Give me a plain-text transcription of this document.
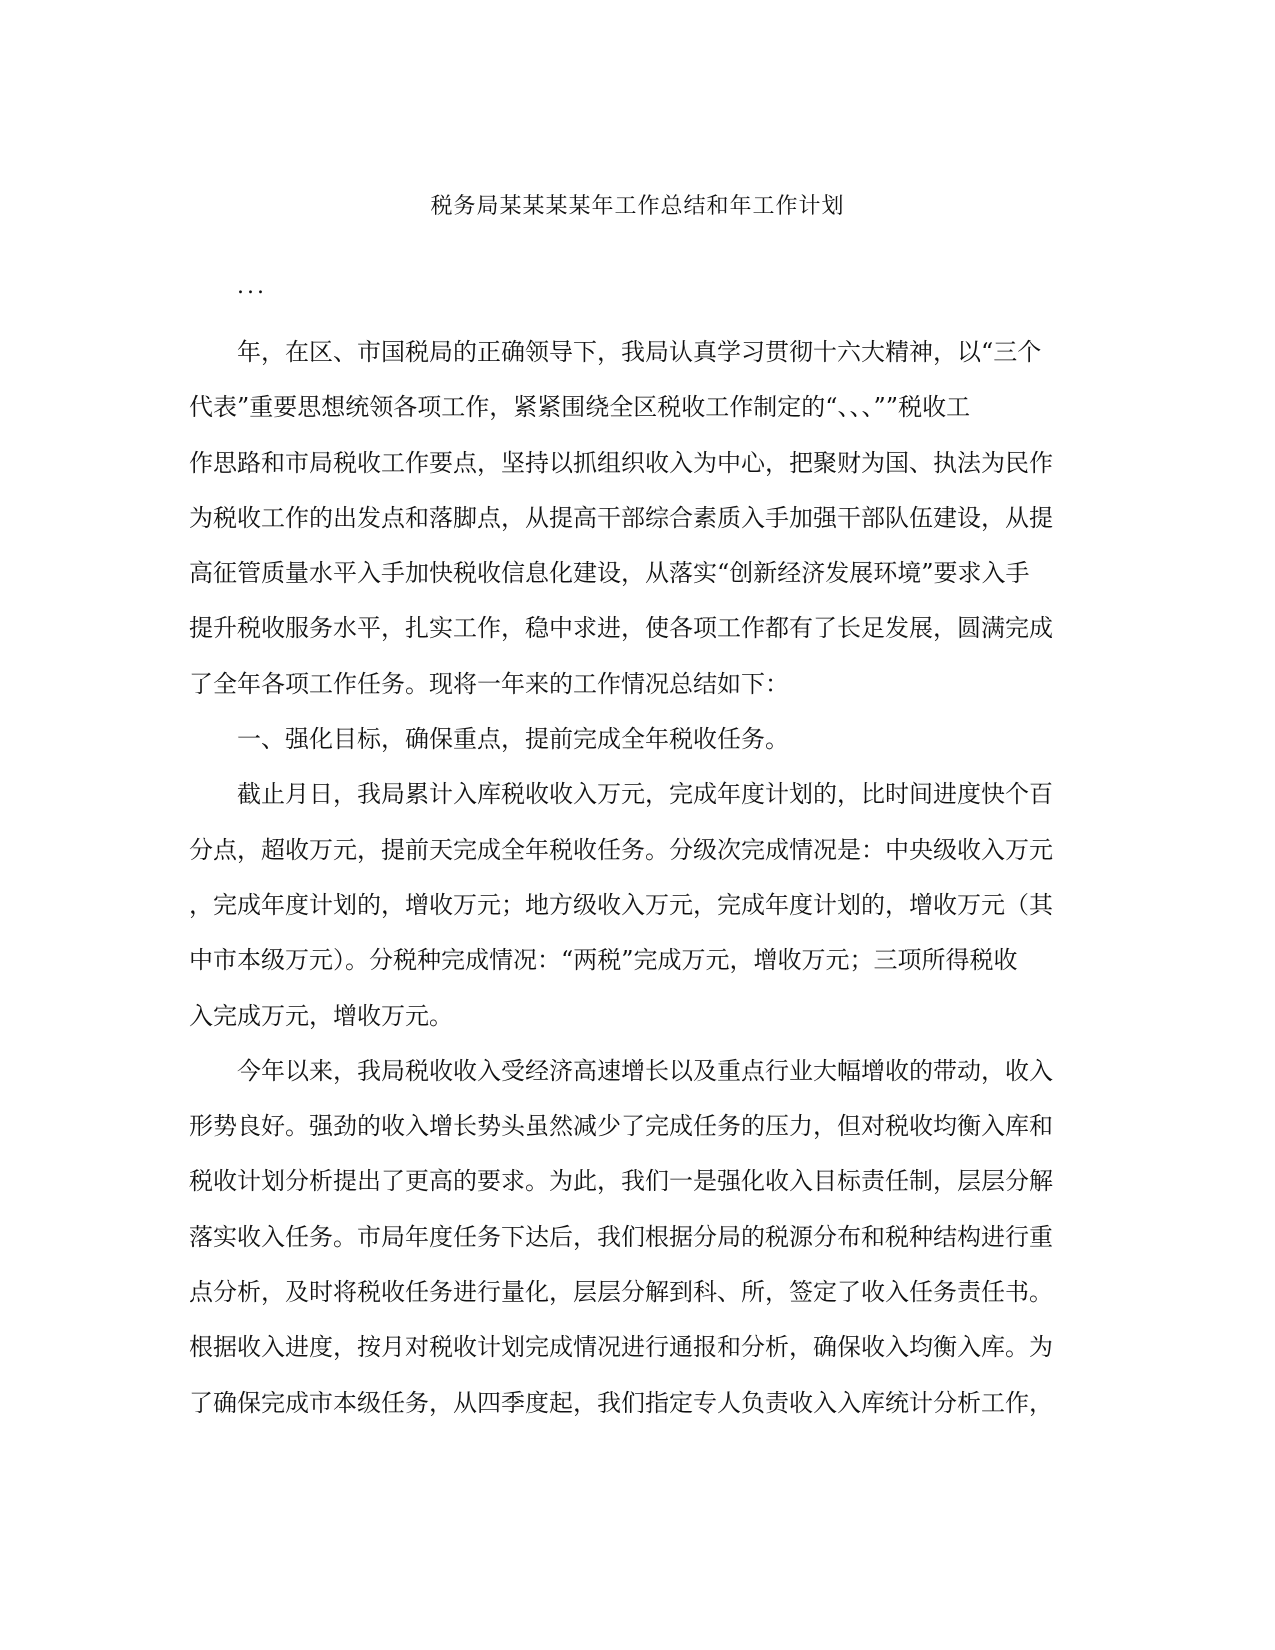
税务局某某某某年工作总结和年工作计划
...

年，在区、市国税局的正确领导下，我局认真学习贯彻十六大精神，以“三个
代表”重要思想统领各项工作，紧紧围绕全区税收工作制定的“、、、””税收工
作思路和市局税收工作要点，坚持以抓组织收入为中心，把聚财为国、执法为民作
为税收工作的出发点和落脚点，从提高干部综合素质入手加强干部队伍建设，从提
高征管质量水平入手加快税收信息化建设，从落实“创新经济发展环境”要求入手
提升税收服务水平，扎实工作，稳中求进，使各项工作都有了长足发展，圆满完成
了全年各项工作任务。现将一年来的工作情况总结如下：

一、强化目标，确保重点，提前完成全年税收任务。

截止月日，我局累计入库税收收入万元，完成年度计划的，比时间进度快个百
分点，超收万元，提前天完成全年税收任务。分级次完成情况是：中央级收入万元
，完成年度计划的，增收万元；地方级收入万元，完成年度计划的，增收万元（其
中市本级万元）。分税种完成情况：“两税”完成万元，增收万元；三项所得税收
入完成万元，增收万元。

今年以来，我局税收收入受经济高速增长以及重点行业大幅增收的带动，收入
形势良好。强劲的收入增长势头虽然减少了完成任务的压力，但对税收均衡入库和
税收计划分析提出了更高的要求。为此，我们一是强化收入目标责任制，层层分解
落实收入任务。市局年度任务下达后，我们根据分局的税源分布和税种结构进行重
点分析，及时将税收任务进行量化，层层分解到科、所，签定了收入任务责任书。
根据收入进度，按月对税收计划完成情况进行通报和分析，确保收入均衡入库。为
了确保完成市本级任务，从四季度起，我们指定专人负责收入入库统计分析工作，
